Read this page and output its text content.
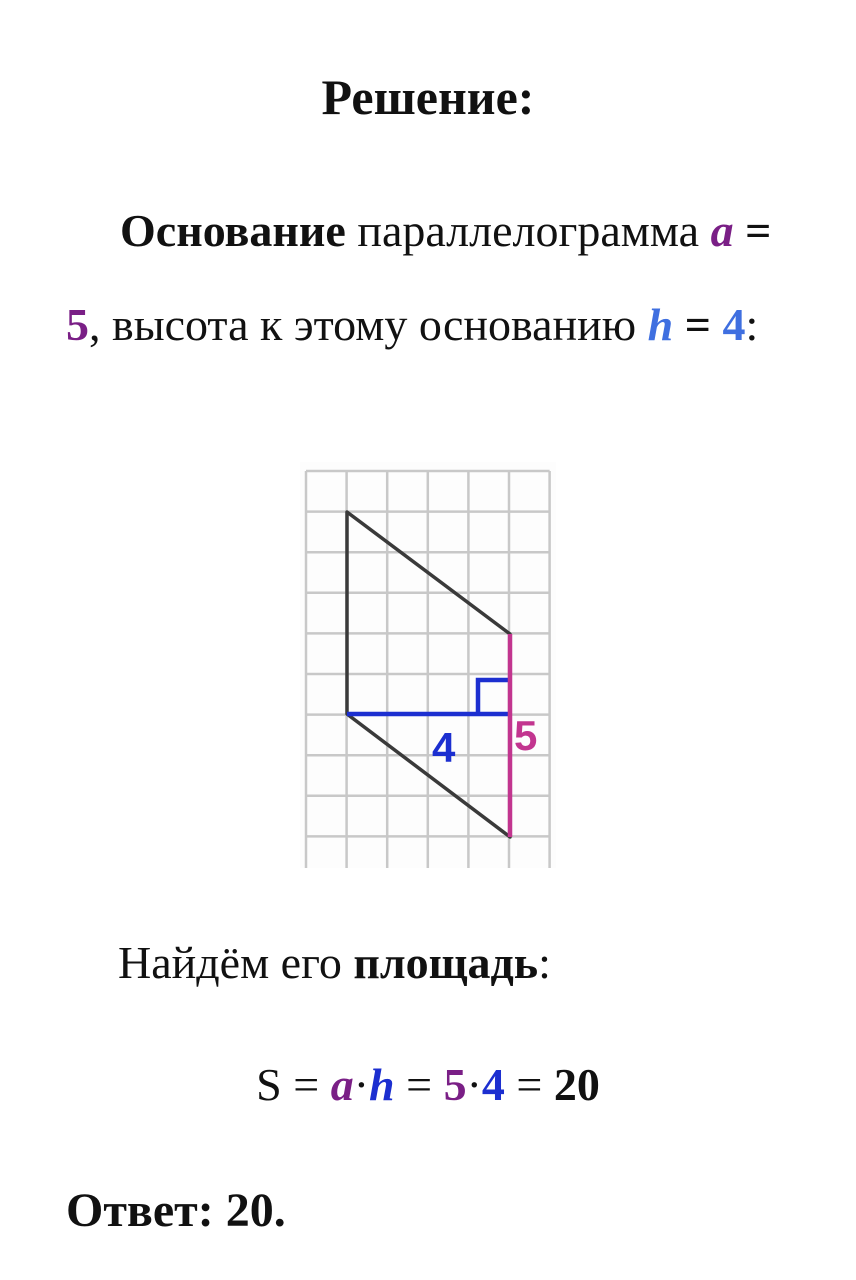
Решение:
Основание параллелограмма a = 5, высота к этому основанию h = 4:
4 5
Найдём его площадь:
S = a·h = 5·4 = 20
Ответ: 20.
